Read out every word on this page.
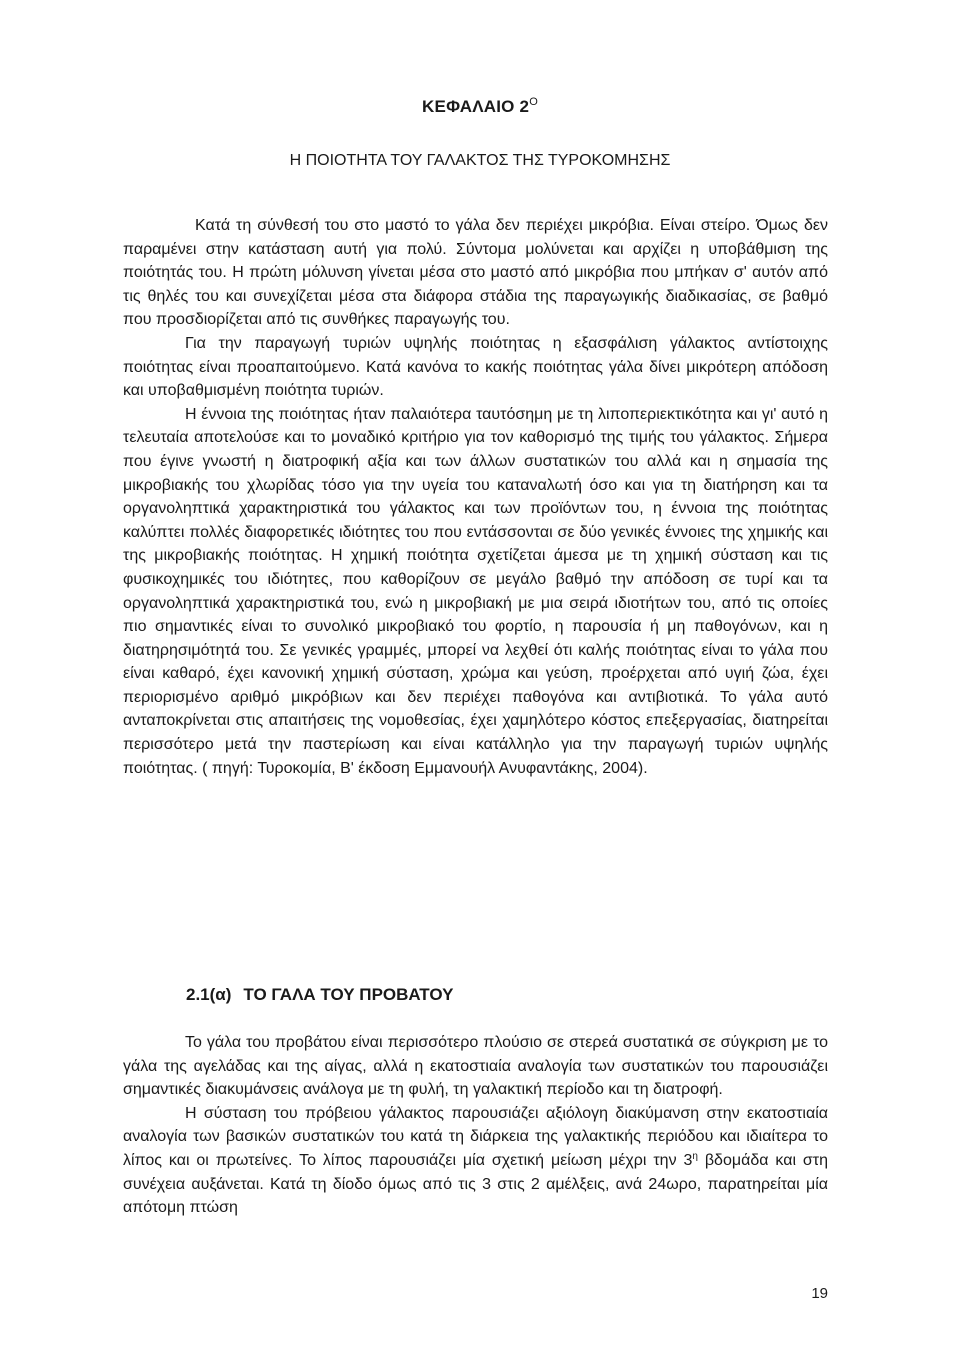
ΚΕΦΑΛΑΙΟ $2^O$
Η ΠΟΙΟΤΗΤΑ ΤΟΥ ΓΑΛΑΚΤΟΣ ΤΗΣ ΤΥΡΟΚΟΜΗΣΗΣ

Κατά τη σύνθεσή του στο μαστό το γάλα δεν περιέχει μικρόβια. Είναι στείρο. Όμως δεν παραμένει στην κατάσταση αυτή για πολύ. Σύντομα μολύνεται και αρχίζει η υποβάθμιση της ποιότητάς του. Η πρώτη μόλυνση γίνεται μέσα στο μαστό από μικρόβια που μπήκαν σ' αυτόν από τις θηλές του και συνεχίζεται μέσα στα διάφορα στάδια της παραγωγικής διαδικασίας, σε βαθμό που προσδιορίζεται από τις συνθήκες παραγωγής του.

Για την παραγωγή τυριών υψηλής ποιότητας η εξασφάλιση γάλακτος αντίστοιχης ποιότητας είναι προαπαιτούμενο. Κατά κανόνα το κακής ποιότητας γάλα δίνει μικρότερη απόδοση και υποβαθμισμένη ποιότητα τυριών.

Η έννοια της ποιότητας ήταν παλαιότερα ταυτόσημη με τη λιποπεριεκτικότητα και γι' αυτό η τελευταία αποτελούσε και το μοναδικό κριτήριο για τον καθορισμό της τιμής του γάλακτος. Σήμερα που έγινε γνωστή η διατροφική αξία και των άλλων συστατικών του αλλά και η σημασία της μικροβιακής του χλωρίδας τόσο για την υγεία του καταναλωτή όσο και για τη διατήρηση και τα οργανοληπτικά χαρακτηριστικά του γάλακτος και των προϊόντων του, η έννοια της ποιότητας καλύπτει πολλές διαφορετικές ιδιότητες του που εντάσσονται σε δύο γενικές έννοιες της χημικής και της μικροβιακής ποιότητας. Η χημική ποιότητα σχετίζεται άμεσα με τη χημική σύσταση και τις φυσικοχημικές του ιδιότητες, που καθορίζουν σε μεγάλο βαθμό την απόδοση σε τυρί και τα οργανοληπτικά χαρακτηριστικά του, ενώ η μικροβιακή με μια σειρά ιδιοτήτων του, από τις οποίες πιο σημαντικές είναι το συνολικό μικροβιακό του φορτίο, η παρουσία ή μη παθογόνων, και η διατηρησιμότητά του. Σε γενικές γραμμές, μπορεί να λεχθεί ότι καλής ποιότητας είναι το γάλα που είναι καθαρό, έχει κανονική χημική σύσταση, χρώμα και γεύση, προέρχεται από υγιή ζώα, έχει περιορισμένο αριθμό μικρόβιων και δεν περιέχει παθογόνα και αντιβιοτικά. Το γάλα αυτό ανταποκρίνεται στις απαιτήσεις της νομοθεσίας, έχει χαμηλότερο κόστος επεξεργασίας, διατηρείται περισσότερο μετά την παστερίωση και είναι κατάλληλο για την παραγωγή τυριών υψηλής ποιότητας. ( πηγή: Τυροκομία, Β' έκδοση Εμμανουήλ Ανυφαντάκης, 2004).

2.1(α) ΤΟ ΓΑΛΑ ΤΟΥ ΠΡΟΒΑΤΟΥ

Το γάλα του προβάτου είναι περισσότερο πλούσιο σε στερεά συστατικά σε σύγκριση με το γάλα της αγελάδας και της αίγας, αλλά η εκατοστιαία αναλογία των συστατικών του παρουσιάζει σημαντικές διακυμάνσεις ανάλογα με τη φυλή, τη γαλακτική περίοδο και τη διατροφή.

Η σύσταση του πρόβειου γάλακτος παρουσιάζει αξιόλογη διακύμανση στην εκατοστιαία αναλογία των βασικών συστατικών του κατά τη διάρκεια της γαλακτικής περιόδου και ιδιαίτερα το λίπος και οι πρωτείνες. Το λίπος παρουσιάζει μία σχετική μείωση μέχρι την $3^\eta$ βδομάδα και στη συνέχεια αυξάνεται. Κατά τη δίοδο όμως από τις 3 στις 2 αμέλξεις, ανά 24ωρο, παρατηρείται μία απότομη πτώση

19
